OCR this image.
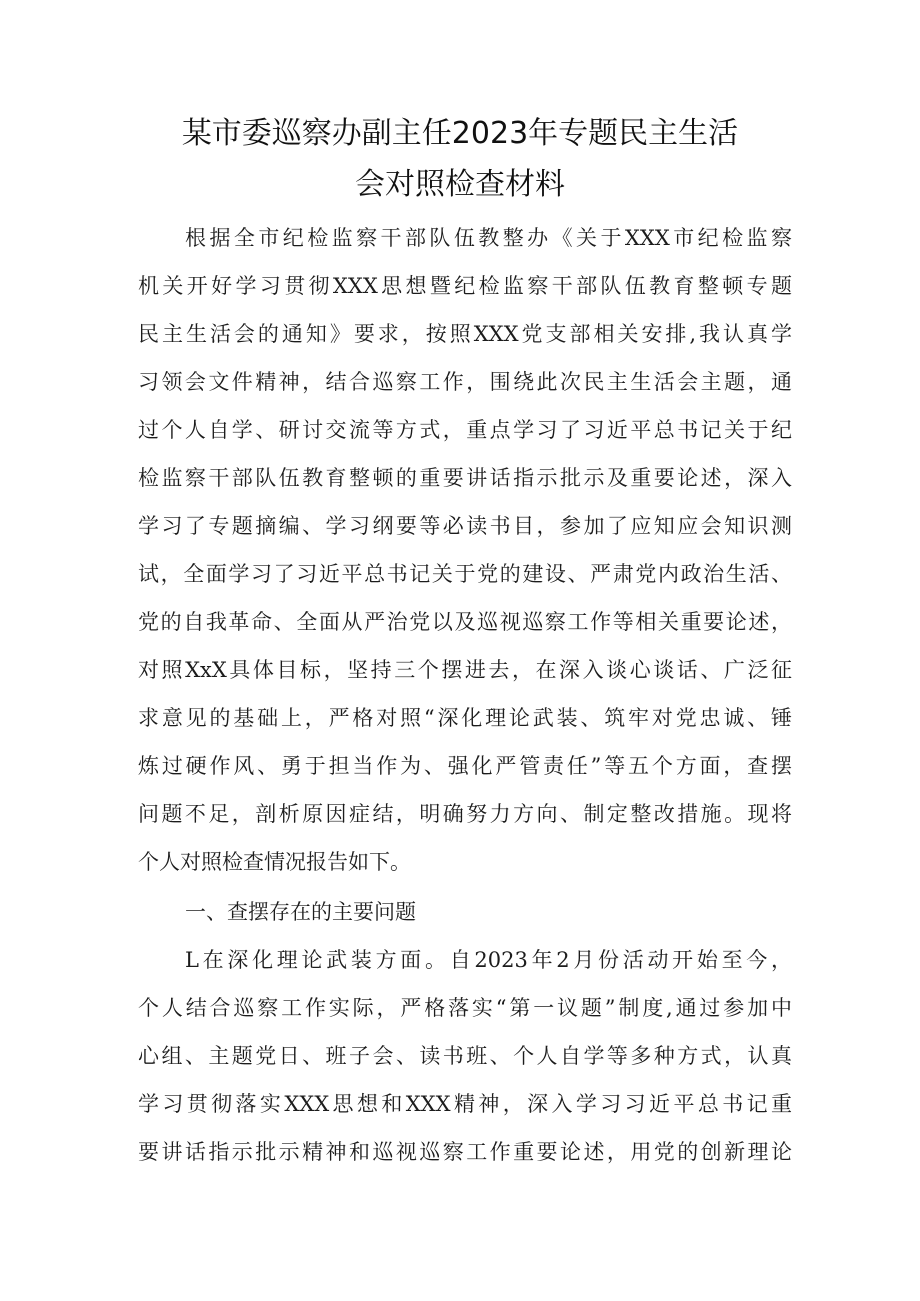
某市委巡察办副主任2023年专题民主生活
会对照检查材料

根据全市纪检监察干部队伍教整办《关于XXX市纪检监察

机关开好学习贯彻XXX思想暨纪检监察干部队伍教育整顿专题

民主生活会的通知》要求，按照XXX党支部相关安排,我认真学

习领会文件精神，结合巡察工作，围绕此次民主生活会主题，通

过个人自学、研讨交流等方式，重点学习了习近平总书记关于纪

检监察干部队伍教育整顿的重要讲话指示批示及重要论述，深入

学习了专题摘编、学习纲要等必读书目，参加了应知应会知识测

试，全面学习了习近平总书记关于党的建设、严肃党内政治生活、

党的自我革命、全面从严治党以及巡视巡察工作等相关重要论述，

对照XxX具体目标，坚持三个摆进去，在深入谈心谈话、广泛征

求意见的基础上，严格对照“深化理论武装、筑牢对党忠诚、锤

炼过硬作风、勇于担当作为、强化严管责任”等五个方面，查摆

问题不足，剖析原因症结，明确努力方向、制定整改措施。现将

个人对照检查情况报告如下。

一、查摆存在的主要问题

L在深化理论武装方面。自2023年2月份活动开始至今，

个人结合巡察工作实际，严格落实“第一议题”制度,通过参加中

心组、主题党日、班子会、读书班、个人自学等多种方式，认真

学习贯彻落实XXX思想和XXX精神，深入学习习近平总书记重

要讲话指示批示精神和巡视巡察工作重要论述，用党的创新理论
